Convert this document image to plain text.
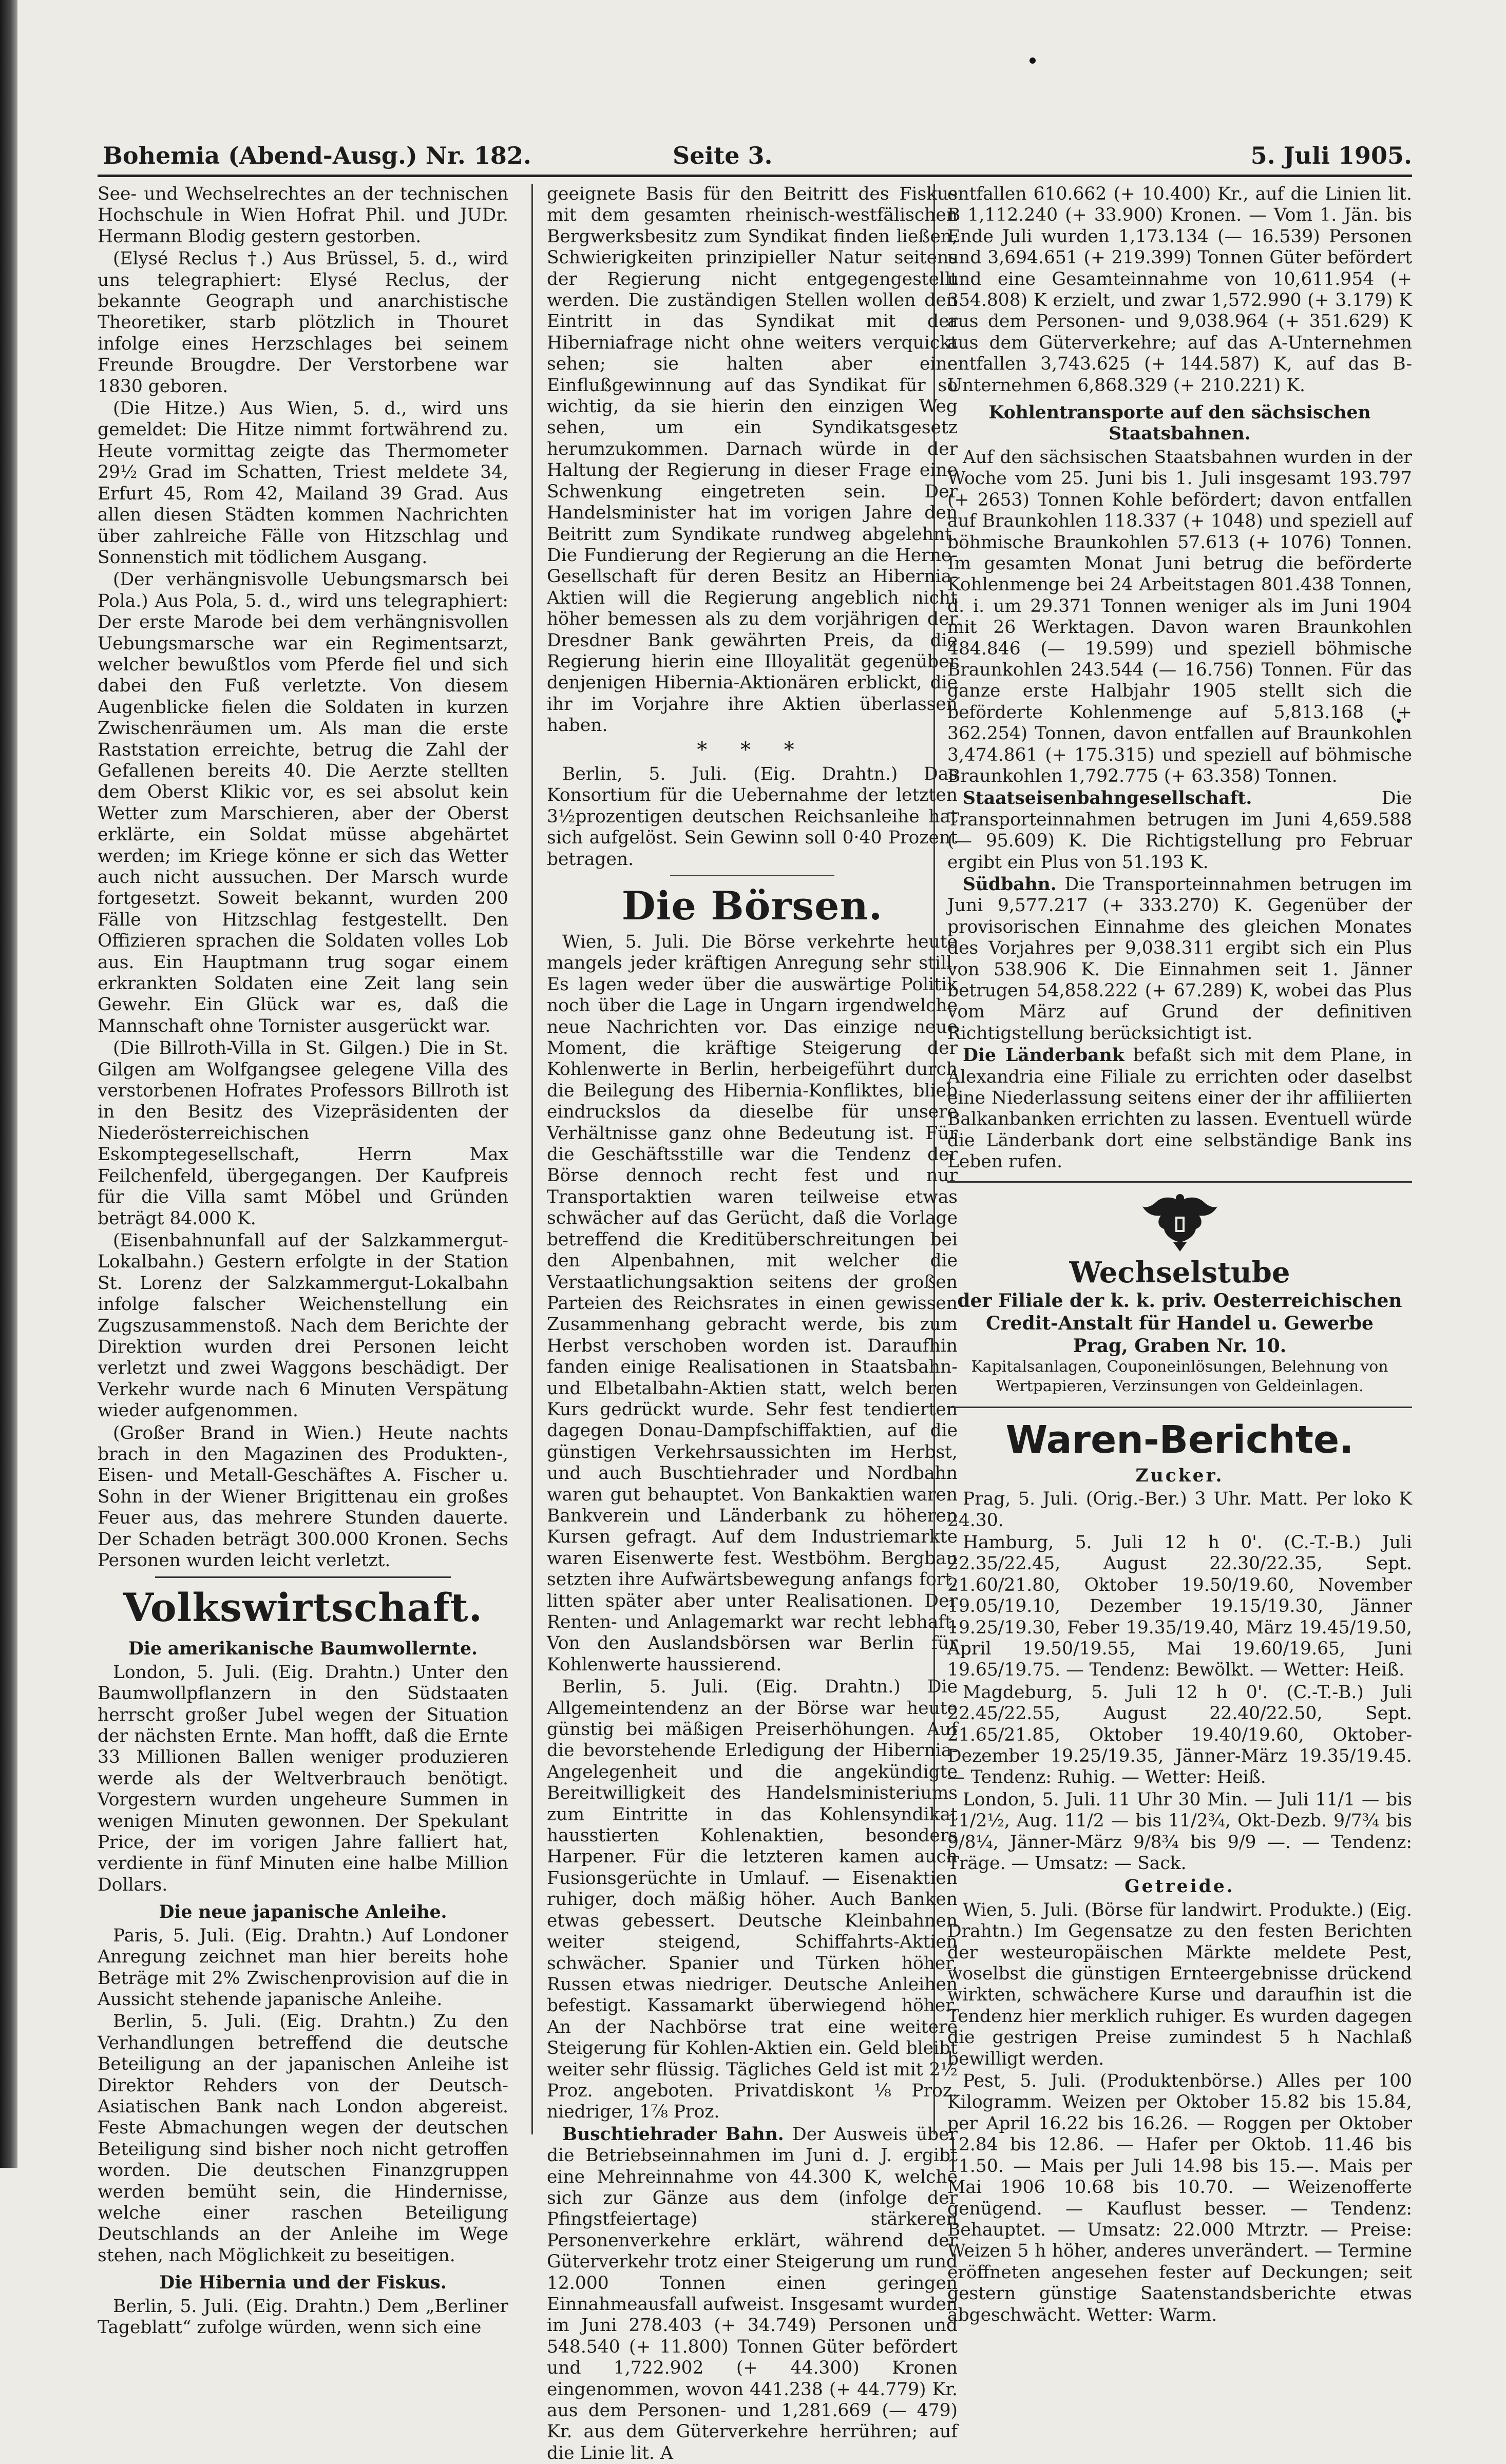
Bohemia (Abend-Ausg.) Nr. 182.	Seite 3.	5. Juli 1905.

See- und Wechselrechtes an der technischen Hochschule in Wien Hofrat Phil. und JUDr. Hermann Blodig gestern gestorben.

(Elysé Reclus †.) Aus Brüssel, 5. d., wird uns telegraphiert: Elysé Reclus, der bekannte Geograph und anarchistische Theoretiker, starb plötzlich in Thouret infolge eines Herzschlages bei seinem Freunde Brougdre. Der Verstorbene war 1830 geboren.

(Die Hitze.) Aus Wien, 5. d., wird uns gemeldet: Die Hitze nimmt fortwährend zu. Heute vormittag zeigte das Thermometer 29½ Grad im Schatten, Triest meldete 34, Erfurt 45, Rom 42, Mailand 39 Grad. Aus allen diesen Städten kommen Nachrichten über zahlreiche Fälle von Hitzschlag und Sonnenstich mit tödlichem Ausgang.

(Der verhängnisvolle Uebungsmarsch bei Pola.) Aus Pola, 5. d., wird uns telegraphiert: Der erste Marode bei dem verhängnisvollen Uebungsmarsche war ein Regimentsarzt, welcher bewußtlos vom Pferde fiel und sich dabei den Fuß verletzte. Von diesem Augenblicke fielen die Soldaten in kurzen Zwischenräumen um. Als man die erste Raststation erreichte, betrug die Zahl der Gefallenen bereits 40. Die Aerzte stellten dem Oberst Klikic vor, es sei absolut kein Wetter zum Marschieren, aber der Oberst erklärte, ein Soldat müsse abgehärtet werden; im Kriege könne er sich das Wetter auch nicht aussuchen. Der Marsch wurde fortgesetzt. Soweit bekannt, wurden 200 Fälle von Hitzschlag festgestellt. Den Offizieren sprachen die Soldaten volles Lob aus. Ein Hauptmann trug sogar einem erkrankten Soldaten eine Zeit lang sein Gewehr. Ein Glück war es, daß die Mannschaft ohne Tornister ausgerückt war.

(Die Billroth-Villa in St. Gilgen.) Die in St. Gilgen am Wolfgangsee gelegene Villa des verstorbenen Hofrates Professors Billroth ist in den Besitz des Vizepräsidenten der Niederösterreichischen Eskomptegesellschaft, Herrn Max Feilchenfeld, übergegangen. Der Kaufpreis für die Villa samt Möbel und Gründen beträgt 84.000 K.

(Eisenbahnunfall auf der Salzkammergut-Lokalbahn.) Gestern erfolgte in der Station St. Lorenz der Salzkammergut-Lokalbahn infolge falscher Weichenstellung ein Zugszusammenstoß. Nach dem Berichte der Direktion wurden drei Personen leicht verletzt und zwei Waggons beschädigt. Der Verkehr wurde nach 6 Minuten Verspätung wieder aufgenommen.

(Großer Brand in Wien.) Heute nachts brach in den Magazinen des Produkten-, Eisen- und Metall-Geschäftes A. Fischer u. Sohn in der Wiener Brigittenau ein großes Feuer aus, das mehrere Stunden dauerte. Der Schaden beträgt 300.000 Kronen. Sechs Personen wurden leicht verletzt.

Volkswirtschaft.
Die amerikanische Baumwollernte.

London, 5. Juli. (Eig. Drahtn.) Unter den Baumwollpflanzern in den Südstaaten herrscht großer Jubel wegen der Situation der nächsten Ernte. Man hofft, daß die Ernte 33 Millionen Ballen weniger produzieren werde als der Weltverbrauch benötigt. Vorgestern wurden ungeheure Summen in wenigen Minuten gewonnen. Der Spekulant Price, der im vorigen Jahre falliert hat, verdiente in fünf Minuten eine halbe Million Dollars.

Die neue japanische Anleihe.

Paris, 5. Juli. (Eig. Drahtn.) Auf Londoner Anregung zeichnet man hier bereits hohe Beträge mit 2% Zwischenprovision auf die in Aussicht stehende japanische Anleihe.

Berlin, 5. Juli. (Eig. Drahtn.) Zu den Verhandlungen betreffend die deutsche Beteiligung an der japanischen Anleihe ist Direktor Rehders von der Deutsch-Asiatischen Bank nach London abgereist. Feste Abmachungen wegen der deutschen Beteiligung sind bisher noch nicht getroffen worden. Die deutschen Finanzgruppen werden bemüht sein, die Hindernisse, welche einer raschen Beteiligung Deutschlands an der Anleihe im Wege stehen, nach Möglichkeit zu beseitigen.

Die Hibernia und der Fiskus.

Berlin, 5. Juli. (Eig. Drahtn.) Dem „Berliner Tageblatt“ zufolge würden, wenn sich eine

geeignete Basis für den Beitritt des Fiskus mit dem gesamten rheinisch-westfälischen Bergwerksbesitz zum Syndikat finden ließen, Schwierigkeiten prinzipieller Natur seitens der Regierung nicht entgegengestellt werden. Die zuständigen Stellen wollen den Eintritt in das Syndikat mit der Hiberniafrage nicht ohne weiters verquickt sehen; sie halten aber eine Einflußgewinnung auf das Syndikat für so wichtig, da sie hierin den einzigen Weg sehen, um ein Syndikatsgesetz herumzukommen. Darnach würde in der Haltung der Regierung in dieser Frage eine Schwenkung eingetreten sein. Der Handelsminister hat im vorigen Jahre den Beitritt zum Syndikate rundweg abgelehnt. Die Fundierung der Regierung an die Herne-Gesellschaft für deren Besitz an Hibernia-Aktien will die Regierung angeblich nicht höher bemessen als zu dem vorjährigen der Dresdner Bank gewährten Preis, da die Regierung hierin eine Illoyalität gegenüber denjenigen Hibernia-Aktionären erblickt, die ihr im Vorjahre ihre Aktien überlassen haben.

* * *

Berlin, 5. Juli. (Eig. Drahtn.) Das Konsortium für die Uebernahme der letzten 3½prozentigen deutschen Reichsanleihe hat sich aufgelöst. Sein Gewinn soll 0·40 Prozent betragen.

Die Börsen.

Wien, 5. Juli. Die Börse verkehrte heute mangels jeder kräftigen Anregung sehr still. Es lagen weder über die auswärtige Politik noch über die Lage in Ungarn irgendwelche neue Nachrichten vor. Das einzige neue Moment, die kräftige Steigerung der Kohlenwerte in Berlin, herbeigeführt durch die Beilegung des Hibernia-Konfliktes, blieb eindruckslos da dieselbe für unsere Verhältnisse ganz ohne Bedeutung ist. Für die Geschäftsstille war die Tendenz der Börse dennoch recht fest und nur Transportaktien waren teilweise etwas schwächer auf das Gerücht, daß die Vorlage betreffend die Kreditüberschreitungen bei den Alpenbahnen, mit welcher die Verstaatlichungsaktion seitens der großen Parteien des Reichsrates in einen gewissen Zusammenhang gebracht werde, bis zum Herbst verschoben worden ist. Daraufhin fanden einige Realisationen in Staatsbahn- und Elbetalbahn-Aktien statt, welch beren Kurs gedrückt wurde. Sehr fest tendierten dagegen Donau-Dampfschiffaktien, auf die günstigen Verkehrsaussichten im Herbst, und auch Buschtiehrader und Nordbahn waren gut behauptet. Von Bankaktien waren Bankverein und Länderbank zu höheren Kursen gefragt. Auf dem Industriemarkte waren Eisenwerte fest. Westböhm. Bergbau setzten ihre Aufwärtsbewegung anfangs fort, litten später aber unter Realisationen. Der Renten- und Anlagemarkt war recht lebhaft. Von den Auslandsbörsen war Berlin für Kohlenwerte haussierend.

Berlin, 5. Juli. (Eig. Drahtn.) Die Allgemeintendenz an der Börse war heute günstig bei mäßigen Preiserhöhungen. Auf die bevorstehende Erledigung der Hibernia-Angelegenheit und die angekündigte Bereitwilligkeit des Handelsministeriums zum Eintritte in das Kohlensyndikat hausstierten Kohlenaktien, besonders Harpener. Für die letzteren kamen auch Fusionsgerüchte in Umlauf. — Eisenaktien ruhiger, doch mäßig höher. Auch Banken etwas gebessert. Deutsche Kleinbahnen weiter steigend, Schiffahrts-Aktien schwächer. Spanier und Türken höher, Russen etwas niedriger. Deutsche Anleihen befestigt. Kassamarkt überwiegend höher. An der Nachbörse trat eine weitere Steigerung für Kohlen-Aktien ein. Geld bleibt weiter sehr flüssig. Tägliches Geld ist mit 2½ Proz. angeboten. Privatdiskont ⅛ Proz. niedriger, 1⅞ Proz.

Buschtiehrader Bahn. Der Ausweis über die Betriebseinnahmen im Juni d. J. ergibt eine Mehreinnahme von 44.300 K, welche sich zur Gänze aus dem (infolge der Pfingstfeiertage) stärkeren Personenverkehre erklärt, während der Güterverkehr trotz einer Steigerung um rund 12.000 Tonnen einen geringen Einnahmeausfall aufweist. Insgesamt wurden im Juni 278.403 (+ 34.749) Personen und 548.540 (+ 11.800) Tonnen Güter befördert und 1,722.902 (+ 44.300) Kronen eingenommen, wovon 441.238 (+ 44.779) Kr. aus dem Personen- und 1,281.669 (— 479) Kr. aus dem Güterverkehre herrühren; auf die Linie lit. A

entfallen 610.662 (+ 10.400) Kr., auf die Linien lit. B 1,112.240 (+ 33.900) Kronen. — Vom 1. Jän. bis Ende Juli wurden 1,173.134 (— 16.539) Personen und 3,694.651 (+ 219.399) Tonnen Güter befördert und eine Gesamteinnahme von 10,611.954 (+ 354.808) K erzielt, und zwar 1,572.990 (+ 3.179) K aus dem Personen- und 9,038.964 (+ 351.629) K aus dem Güterverkehre; auf das A-Unternehmen entfallen 3,743.625 (+ 144.587) K, auf das B-Unternehmen 6,868.329 (+ 210.221) K.

Kohlentransporte auf den sächsischen Staatsbahnen.

Auf den sächsischen Staatsbahnen wurden in der Woche vom 25. Juni bis 1. Juli insgesamt 193.797 (+ 2653) Tonnen Kohle befördert; davon entfallen auf Braunkohlen 118.337 (+ 1048) und speziell auf böhmische Braunkohlen 57.613 (+ 1076) Tonnen. Im gesamten Monat Juni betrug die beförderte Kohlenmenge bei 24 Arbeitstagen 801.438 Tonnen, d. i. um 29.371 Tonnen weniger als im Juni 1904 mit 26 Werktagen. Davon waren Braunkohlen 484.846 (— 19.599) und speziell böhmische Braunkohlen 243.544 (— 16.756) Tonnen. Für das ganze erste Halbjahr 1905 stellt sich die beförderte Kohlenmenge auf 5,813.168 (+ 362.254) Tonnen, davon entfallen auf Braunkohlen 3,474.861 (+ 175.315) und speziell auf böhmische Braunkohlen 1,792.775 (+ 63.358) Tonnen.

Staatseisenbahngesellschaft.	Die Transporteinnahmen betrugen im Juni 4,659.588 (— 95.609) K. Die Richtigstellung pro Februar ergibt ein Plus von 51.193 K.

Südbahn. Die Transporteinnahmen betrugen im Juni 9,577.217 (+ 333.270) K. Gegenüber der provisorischen Einnahme des gleichen Monates des Vorjahres per 9,038.311 ergibt sich ein Plus von 538.906 K. Die Einnahmen seit 1. Jänner betrugen 54,858.222 (+ 67.289) K, wobei das Plus vom März auf Grund der definitiven Richtigstellung berücksichtigt ist.

Die Länderbank befaßt sich mit dem Plane, in Alexandria eine Filiale zu errichten oder daselbst eine Niederlassung seitens einer der ihr affiliierten Balkanbanken errichten zu lassen. Eventuell würde die Länderbank dort eine selbständige Bank ins Leben rufen.

Wechselstube
der Filiale der k. k. priv. Oesterreichischen
Credit-Anstalt für Handel u. Gewerbe
Prag, Graben Nr. 10.
Kapitalsanlagen, Couponeinlösungen, Belehnung von Wertpapieren, Verzinsungen von Geldeinlagen.
Waren-Berichte.
Zucker.

Prag, 5. Juli. (Orig.-Ber.) 3 Uhr. Matt. Per loko K 24.30.

Hamburg, 5. Juli 12 h 0'. (C.-T.-B.) Juli 22.35/22.45, August 22.30/22.35, Sept. 21.60/21.80, Oktober 19.50/19.60, November 19.05/19.10, Dezember 19.15/19.30, Jänner 19.25/19.30, Feber 19.35/19.40, März 19.45/19.50, April 19.50/19.55, Mai 19.60/19.65, Juni 19.65/19.75. — Tendenz: Bewölkt. — Wetter: Heiß.

Magdeburg, 5. Juli 12 h 0'. (C.-T.-B.) Juli 22.45/22.55, August 22.40/22.50, Sept. 21.65/21.85, Oktober 19.40/19.60, Oktober-Dezember 19.25/19.35, Jänner-März 19.35/19.45. — Tendenz: Ruhig. — Wetter: Heiß.

London, 5. Juli. 11 Uhr 30 Min. — Juli 11/1 — bis 11/2½, Aug. 11/2 — bis 11/2¾, Okt-Dezb. 9/7¾ bis 9/8¼, Jänner-März 9/8¾ bis 9/9 —. — Tendenz: Träge. — Umsatz: — Sack.

Getreide.

Wien, 5. Juli. (Börse für landwirt. Produkte.) (Eig. Drahtn.) Im Gegensatze zu den festen Berichten der westeuropäischen Märkte meldete Pest, woselbst die günstigen Ernteergebnisse drückend wirkten, schwächere Kurse und daraufhin ist die Tendenz hier merklich ruhiger. Es wurden dagegen die gestrigen Preise zumindest 5 h Nachlaß bewilligt werden.

Pest, 5. Juli. (Produktenbörse.) Alles per 100 Kilogramm. Weizen per Oktober 15.82 bis 15.84, per April 16.22 bis 16.26. — Roggen per Oktober 12.84 bis 12.86. — Hafer per Oktob. 11.46 bis 11.50. — Mais per Juli 14.98 bis 15.—. Mais per Mai 1906 10.68 bis 10.70. — Weizenofferte genügend. — Kauflust besser. — Tendenz: Behauptet. — Umsatz: 22.000 Mtrztr. — Preise: Weizen 5 h höher, anderes unverändert. — Termine eröffneten angesehen fester auf Deckungen; seit gestern günstige Saatenstandsberichte etwas abgeschwächt. Wetter: Warm.
